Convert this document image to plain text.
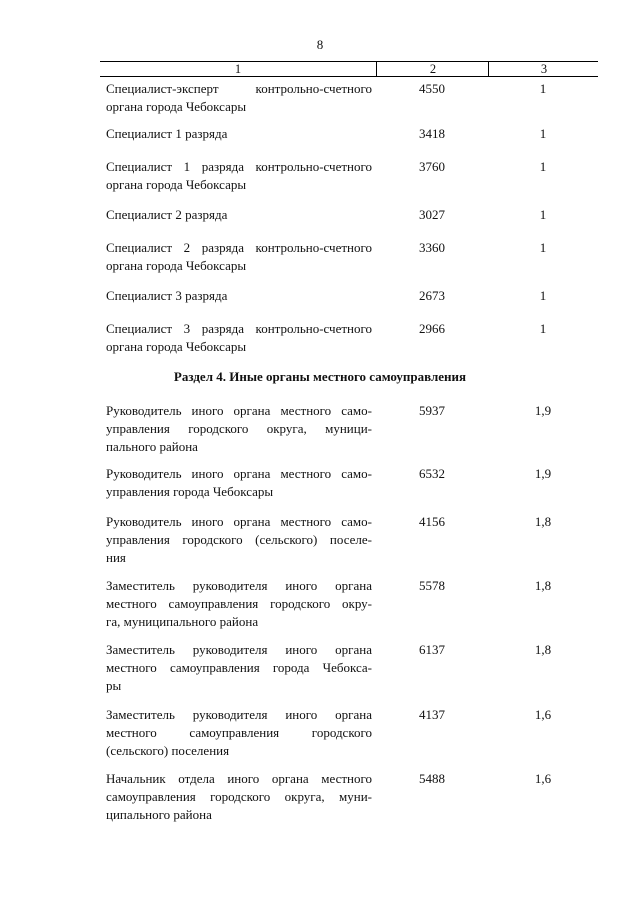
8
1	2	3
Специалист-эксперт контрольно-счетного
органа города Чебоксары
4550	1
Специалист 1 разряда	3418	1
Специалист 1 разряда контрольно-счетного
органа города Чебоксары
3760	1
Специалист 2 разряда	3027	1
Специалист 2 разряда контрольно-счетного
органа города Чебоксары
3360	1
Специалист 3 разряда	2673	1
Специалист 3 разряда контрольно-счетного
органа города Чебоксары
2966	1
Раздел 4. Иные органы местного самоуправления
Руководитель иного органа местного само-
управления городского округа, муници-
пального района
5937	1,9
Руководитель иного органа местного само-
управления города Чебоксары
6532	1,9
Руководитель иного органа местного само-
управления городского (сельского) поселе-
ния
4156	1,8
Заместитель руководителя иного органа
местного самоуправления городского окру-
га, муниципального района
5578	1,8
Заместитель руководителя иного органа
местного самоуправления города Чебокса-
ры
6137	1,8
Заместитель руководителя иного органа
местного самоуправления городского
(сельского) поселения
4137	1,6
Начальник отдела иного органа местного
самоуправления городского округа, муни-
ципального района
5488	1,6
